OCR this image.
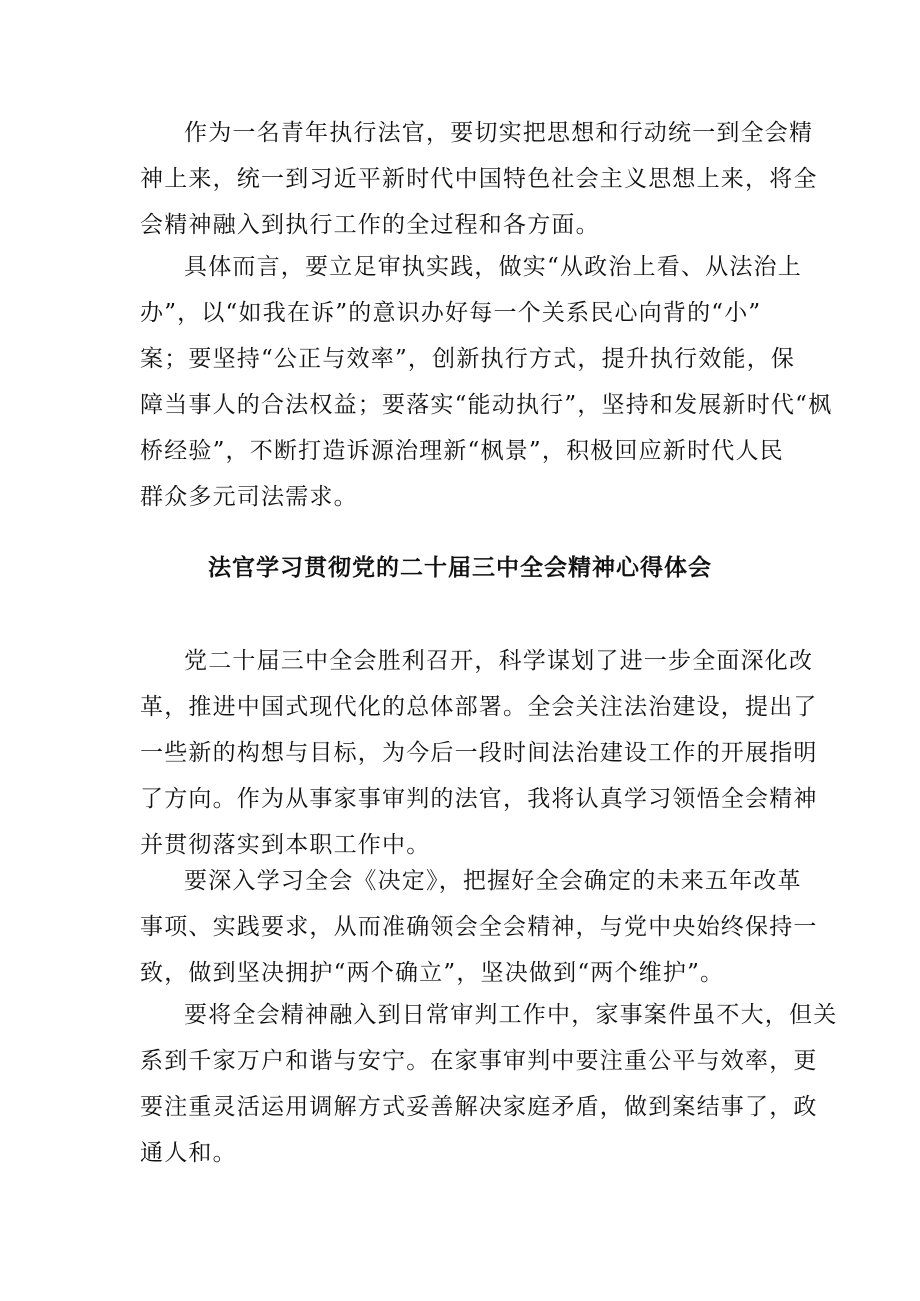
作为一名青年执行法官，要切实把思想和行动统一到全会精
神上来，统一到习近平新时代中国特色社会主义思想上来，将全
会精神融入到执行工作的全过程和各方面。
具体而言，要立足审执实践，做实“从政治上看、从法治上
办”，以“如我在诉”的意识办好每一个关系民心向背的“小”
案；要坚持“公正与效率”，创新执行方式，提升执行效能，保
障当事人的合法权益；要落实“能动执行”，坚持和发展新时代“枫
桥经验”，不断打造诉源治理新“枫景”，积极回应新时代人民
群众多元司法需求。
法官学习贯彻党的二十届三中全会精神心得体会
党二十届三中全会胜利召开，科学谋划了进一步全面深化改
革，推进中国式现代化的总体部署。全会关注法治建设，提出了
一些新的构想与目标，为今后一段时间法治建设工作的开展指明
了方向。作为从事家事审判的法官，我将认真学习领悟全会精神
并贯彻落实到本职工作中。
要深入学习全会《决定》，把握好全会确定的未来五年改革
事项、实践要求，从而准确领会全会精神，与党中央始终保持一
致，做到坚决拥护“两个确立”，坚决做到“两个维护”。
要将全会精神融入到日常审判工作中，家事案件虽不大，但关
系到千家万户和谐与安宁。在家事审判中要注重公平与效率，更
要注重灵活运用调解方式妥善解决家庭矛盾，做到案结事了，政
通人和。
